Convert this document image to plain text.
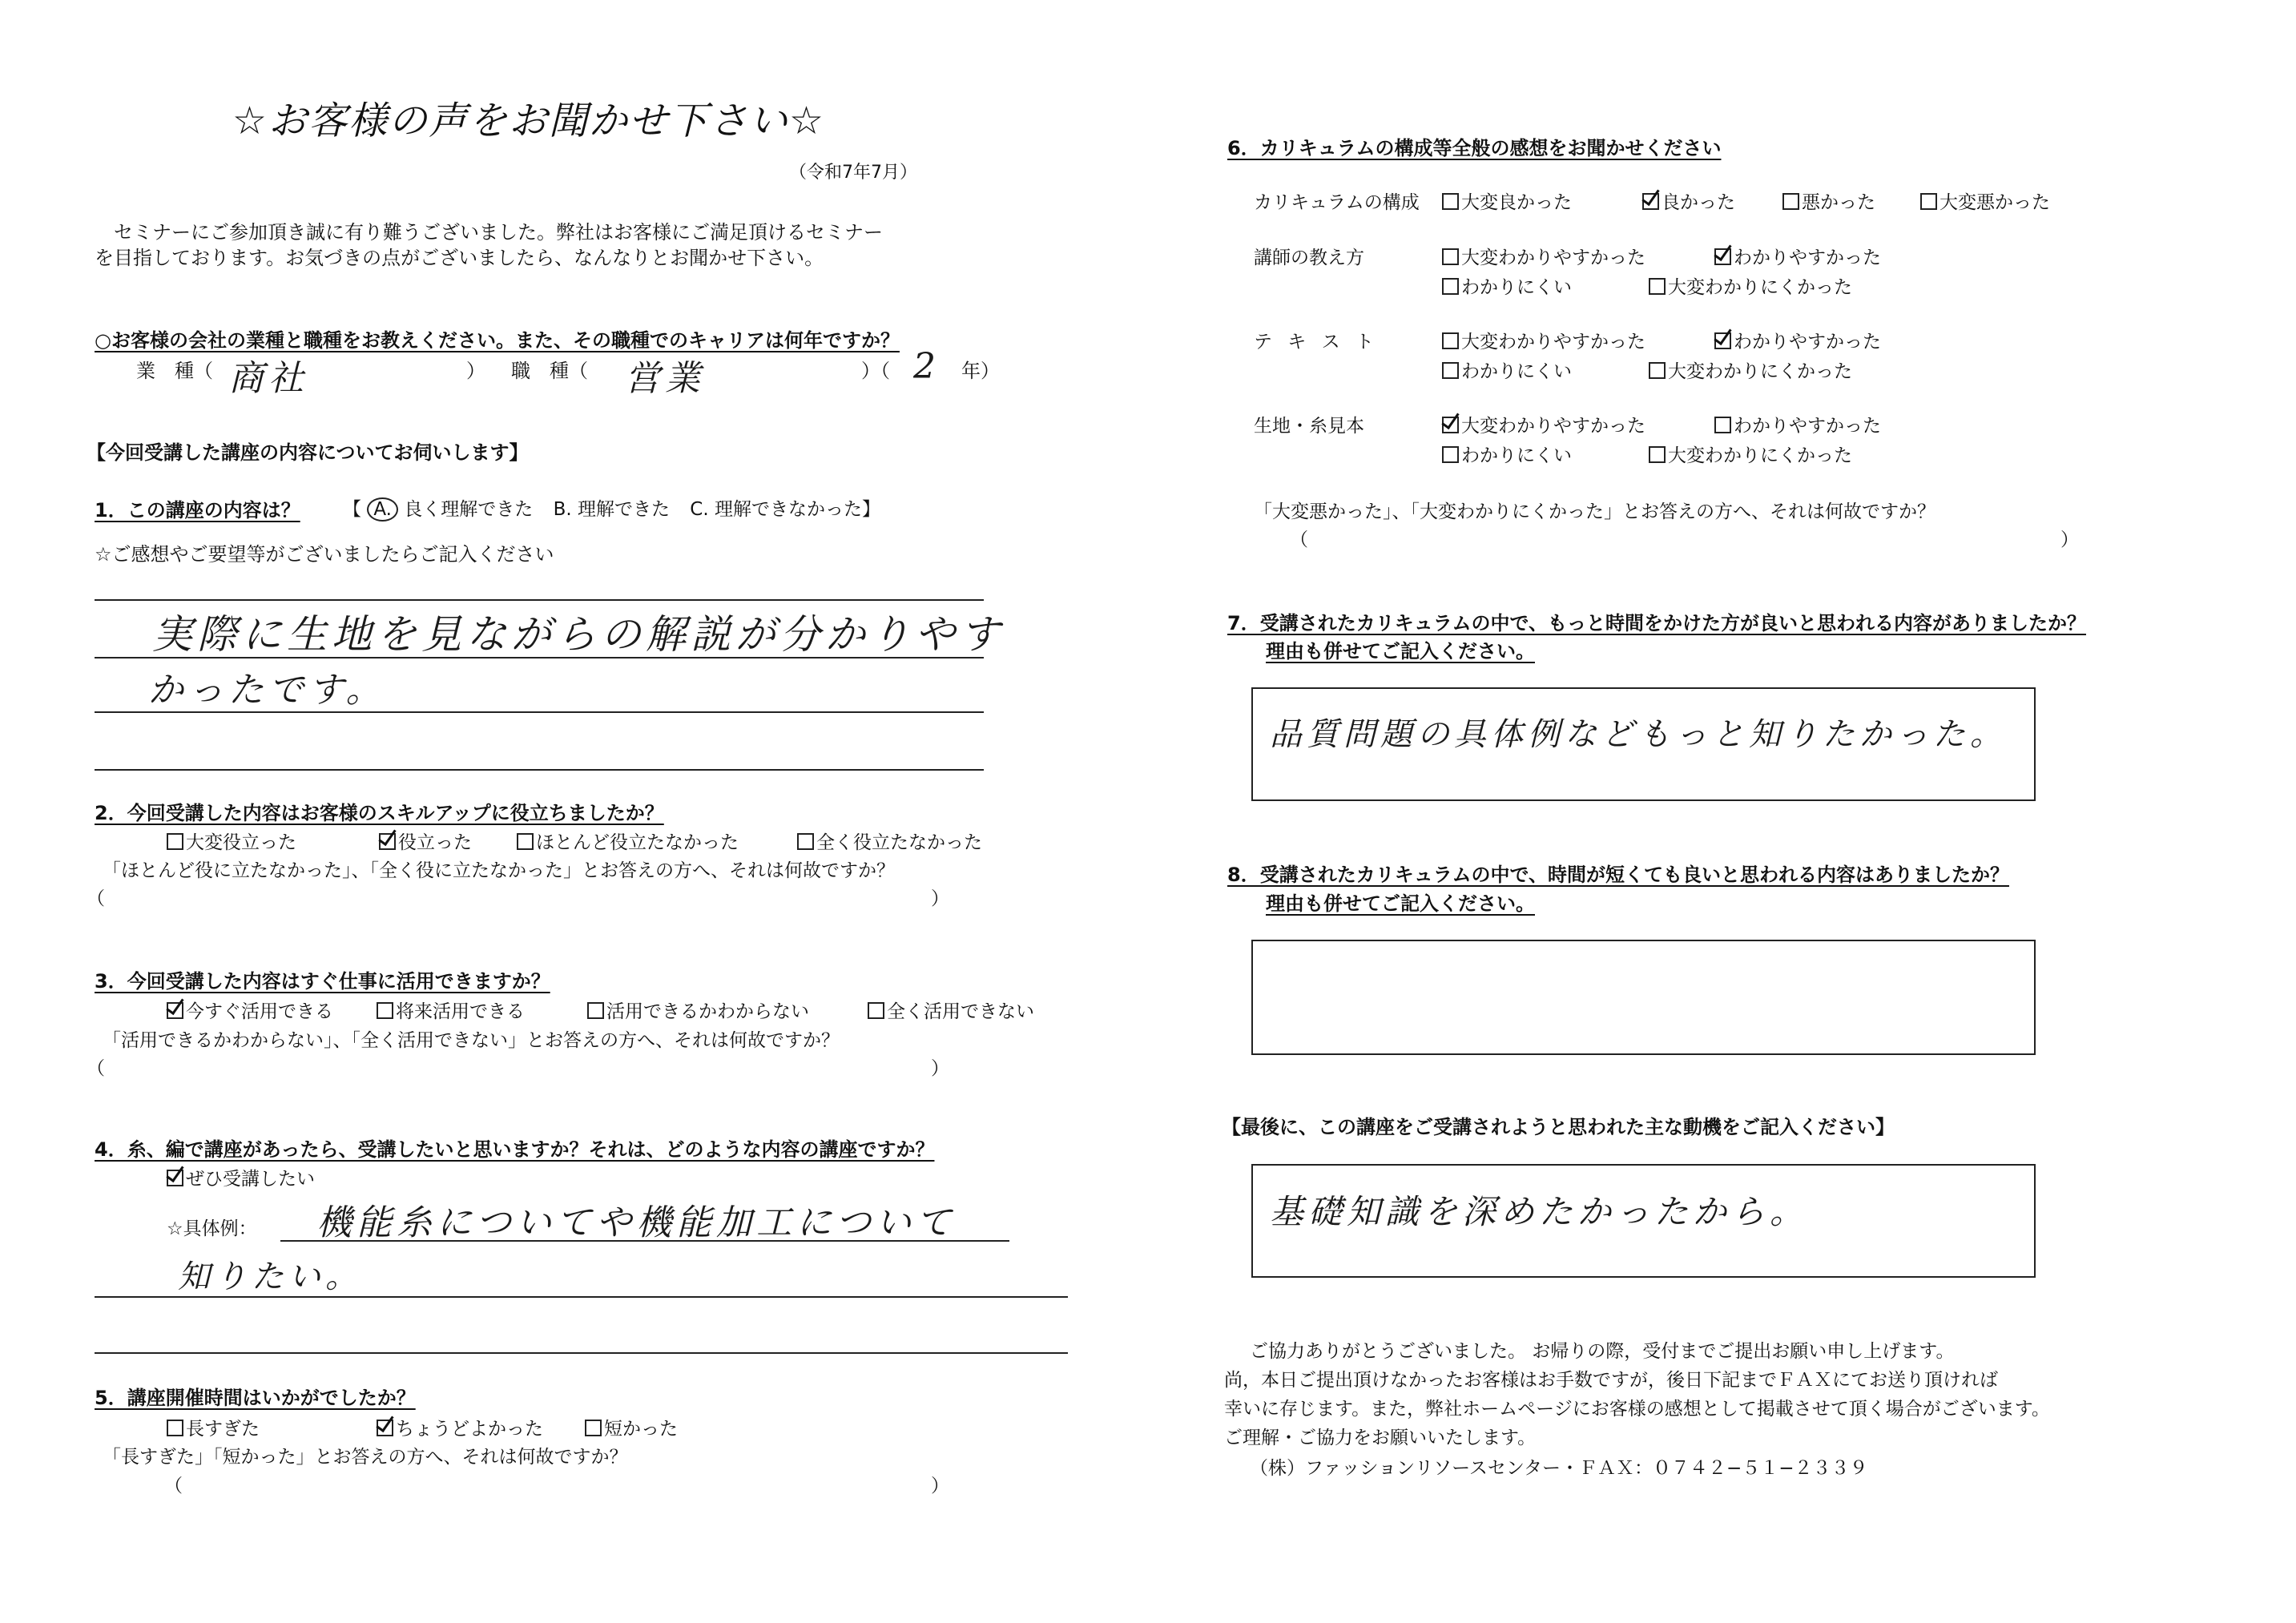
☆お客様の声をお聞かせ下さい☆
（令和7年7月）
セミナーにご参加頂き誠に有り難うございました。弊社はお客様にご満足頂けるセミナー
を目指しております。お気づきの点がございましたら、なんなりとお聞かせ下さい。
○お客様の会社の業種と職種をお教えください。また、その職種でのキャリアは何年ですか？
業　種（ 商社	） 職　種（ 営業	）（ 2 年）
【今回受講した講座の内容についてお伺いします】
1．この講座の内容は？ 【 A. 良く理解できた B. 理解できた C. 理解できなかった】
☆ご感想やご要望等がございましたらご記入ください
実際に生地を見ながらの解説が分かりやす
かったです。
2．今回受講した内容はお客様のスキルアップに役立ちましたか？
大変役立った	役立った	ほとんど役立たなかった	全く役立たなかった
「ほとんど役に立たなかった」、「全く役に立たなかった」とお答えの方へ、それは何故ですか？
（	）
3．今回受講した内容はすぐ仕事に活用できますか？
今すぐ活用できる	将来活用できる	活用できるかわからない	全く活用できない
「活用できるかわからない」、「全く活用できない」とお答えの方へ、それは何故ですか？
（	）
4．糸、編で講座があったら、受講したいと思いますか？それは、どのような内容の講座ですか？
ぜひ受講したい
☆具体例： 機能糸についてや機能加工について
知りたい。
5．講座開催時間はいかがでしたか？
長すぎた	ちょうどよかった	短かった
「長すぎた」「短かった」とお答えの方へ、それは何故ですか？
（	）
6．カリキュラムの構成等全般の感想をお聞かせください
カリキュラムの構成	大変良かった	良かった	悪かった	大変悪かった
講師の教え方	大変わかりやすかった	わかりやすかった
わかりにくい	大変わかりにくかった
テ キ ス ト	大変わかりやすかった	わかりやすかった
わかりにくい	大変わかりにくかった
生地・糸見本	大変わかりやすかった	わかりやすかった
わかりにくい	大変わかりにくかった
「大変悪かった」、「大変わかりにくかった」とお答えの方へ、それは何故ですか？
（	）
7．受講されたカリキュラムの中で、もっと時間をかけた方が良いと思われる内容がありましたか？
理由も併せてご記入ください。
品質問題の具体例などもっと知りたかった。
8．受講されたカリキュラムの中で、時間が短くても良いと思われる内容はありましたか？
理由も併せてご記入ください。
【最後に、この講座をご受講されようと思われた主な動機をご記入ください】
基礎知識を深めたかったから。
ご協力ありがとうございました。 お帰りの際，受付までご提出お願い申し上げます。
尚，本日ご提出頂けなかったお客様はお手数ですが，後日下記までＦＡＸにてお送り頂ければ
幸いに存じます。また，弊社ホームページにお客様の感想として掲載させて頂く場合がございます。
ご理解・ご協力をお願いいたします。
（株）ファッションリソースセンター・ＦＡＸ：０７４２−５１−２３３９
